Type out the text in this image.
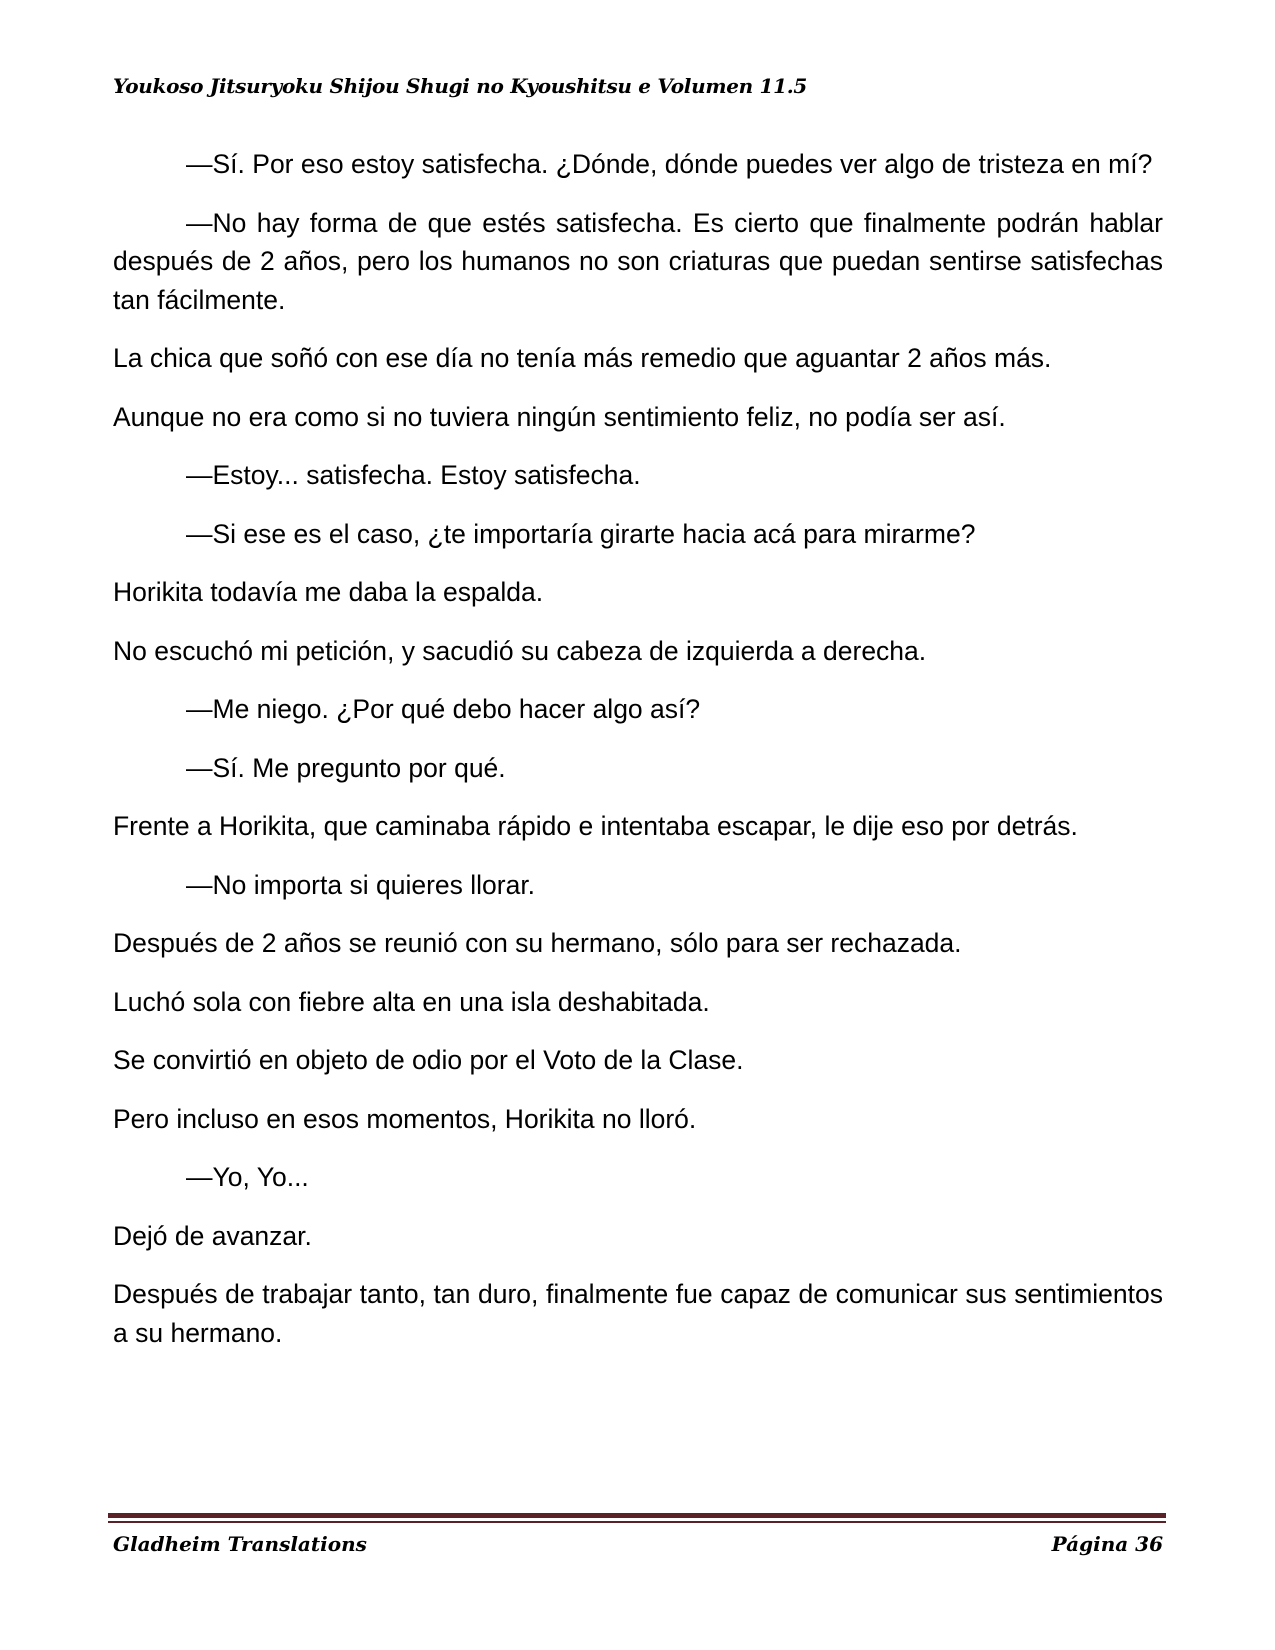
Youkoso Jitsuryoku Shijou Shugi no Kyoushitsu e Volumen 11.5

—Sí. Por eso estoy satisfecha. ¿Dónde, dónde puedes ver algo de tristeza en mí?

—No hay forma de que estés satisfecha. Es cierto que finalmente podrán hablar después de 2 años, pero los humanos no son criaturas que puedan sentirse satisfechas tan fácilmente.

La chica que soñó con ese día no tenía más remedio que aguantar 2 años más.

Aunque no era como si no tuviera ningún sentimiento feliz, no podía ser así.

—Estoy... satisfecha. Estoy satisfecha.

—Si ese es el caso, ¿te importaría girarte hacia acá para mirarme?

Horikita todavía me daba la espalda.

No escuchó mi petición, y sacudió su cabeza de izquierda a derecha.

—Me niego. ¿Por qué debo hacer algo así?

—Sí. Me pregunto por qué.

Frente a Horikita, que caminaba rápido e intentaba escapar, le dije eso por detrás.

—No importa si quieres llorar.

Después de 2 años se reunió con su hermano, sólo para ser rechazada.

Luchó sola con fiebre alta en una isla deshabitada.

Se convirtió en objeto de odio por el Voto de la Clase.

Pero incluso en esos momentos, Horikita no lloró.

—Yo, Yo...

Dejó de avanzar.

Después de trabajar tanto, tan duro, finalmente fue capaz de comunicar sus sentimientos a su hermano.

Gladheim Translations	Página 36
